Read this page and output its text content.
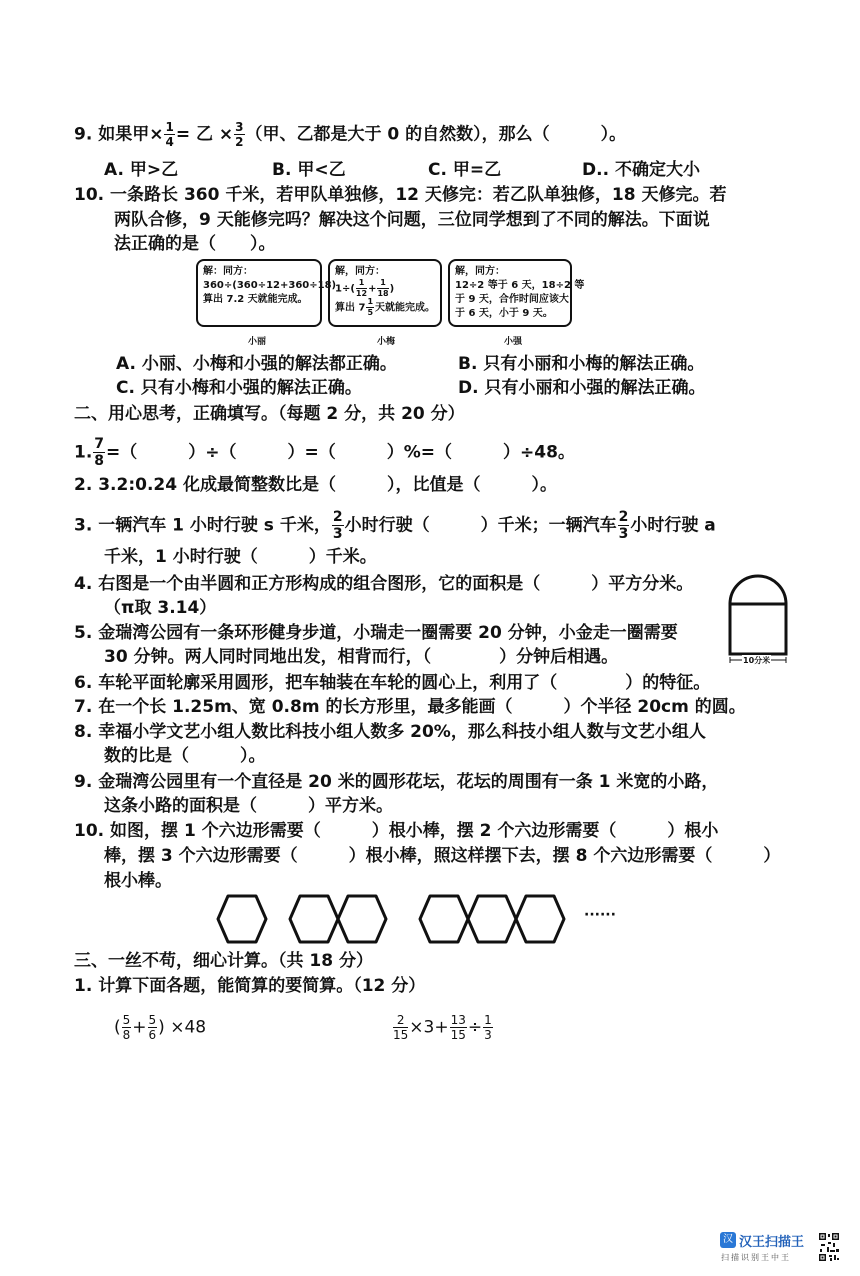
9. 如果甲× $\frac{1}{4}$ = 乙 × $\frac{3}{2}$ （甲、乙都是大于 0 的自然数），那么（　　　）。
A. 甲>乙	B. 甲<乙	C. 甲=乙	D.. 不确定大小
10. 一条路长 360 千米，若甲队单独修，12 天修完：若乙队单独修，18 天修完。若
两队合修，9 天能修完吗？解决这个问题，三位同学想到了不同的解法。下面说
法正确的是（　　）。
解：同方：
360÷(360÷12+360÷18)
算出 7.2 天就能完成。
小丽
解，同方：
$1\div( \frac{1}{12} + \frac{1}{18}$ )
算出 $7 \frac{1}{5}$ 天就能完成。
小梅
解，同方：
12÷2 等于 6 天，18÷2 等
于 9 天，合作时间应该大
于 6 天，小于 9 天。
小强
A. 小丽、小梅和小强的解法都正确。	B. 只有小丽和小梅的解法正确。
C. 只有小梅和小强的解法正确。	D. 只有小丽和小强的解法正确。
二、用心思考，正确填写。（每题 2 分，共 20 分）
1. $\frac{7}{8}$ =（　　　）÷（　　　）=（　　　）%=（　　　）÷48。
2. 3.2:0.24 化成最简整数比是（　　　），比值是（　　　）。
3. 一辆汽车 1 小时行驶 s 千米， $\frac{2}{3}$ 小时行驶（　　　）千米；一辆汽车 $\frac{2}{3}$ 小时行驶 a
千米，1 小时行驶（　　　）千米。
4. 右图是一个由半圆和正方形构成的组合图形，它的面积是（　　　）平方分米。
（π取 3.14）
10分米
5. 金瑞湾公园有一条环形健身步道，小瑞走一圈需要 20 分钟，小金走一圈需要
30 分钟。两人同时同地出发，相背而行，（　　　　）分钟后相遇。
6. 车轮平面轮廓采用圆形，把车轴装在车轮的圆心上，利用了（　　　　）的特征。
7. 在一个长 1.25m、宽 0.8m 的长方形里，最多能画（　　　）个半径 20cm 的圆。
8. 幸福小学文艺小组人数比科技小组人数多 20%，那么科技小组人数与文艺小组人
数的比是（　　　）。
9. 金瑞湾公园里有一个直径是 20 米的圆形花坛，花坛的周围有一条 1 米宽的小路，
这条小路的面积是（　　　）平方米。
10. 如图，摆 1 个六边形需要（　　　）根小棒，摆 2 个六边形需要（　　　）根小
棒，摆 3 个六边形需要（　　　）根小棒，照这样摆下去，摆 8 个六边形需要（　　　）
根小棒。
······
三、一丝不苟，细心计算。（共 18 分）
1. 计算下面各题，能简算的要简算。（12 分）
( $\frac{5}{8} + \frac{5}{6}$ ) ×48	$\frac{2}{15} \times 3+ \frac{13}{15} \div \frac{1}{3}$
汉 汉王扫描王
扫描识别王中王
